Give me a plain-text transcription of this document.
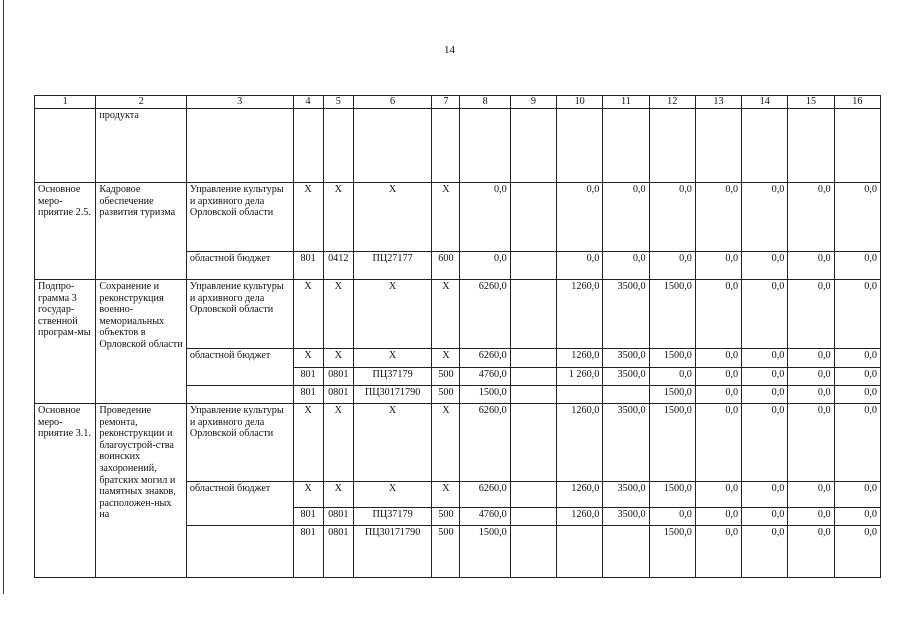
14
1	2	3	4	5	6	7	8	9	10	11	12	13	14	15	16
	продукта														
Основное меро-приятие 2.5.	Кадровое обеспечение развития туризма	Управление культуры и архивного дела Орловской области	Х	Х	Х	Х	0,0		0,0	0,0	0,0	0,0	0,0	0,0	0,0
		областной бюджет	801	0412	ПЦ27177	600	0,0		0,0	0,0	0,0	0,0	0,0	0,0	0,0
Подпро-грамма 3 государ-ственной програм-мы	Сохранение и реконструкция военно-мемориальных объектов в Орловской области	Управление культуры и архивного дела Орловской области	Х	Х	Х	Х	6260,0		1260,0	3500,0	1500,0	0,0	0,0	0,0	0,0
		областной бюджет	Х	Х	Х	Х	6260,0		1260,0	3500,0	1500,0	0,0	0,0	0,0	0,0
			801	0801	ПЦ37179	500	4760,0		1 260,0	3500,0	0,0	0,0	0,0	0,0	0,0
			801	0801	ПЦ30171790	500	1500,0				1500,0	0,0	0,0	0,0	0,0
Основное меро-приятие 3.1.	Проведение ремонта, реконструкции и благоустрой-ства воинских захоронений, братских могил и памятных знаков, расположен-ных на	Управление культуры и архивного дела Орловской области	Х	Х	Х	Х	6260,0		1260,0	3500,0	1500,0	0,0	0,0	0,0	0,0
		областной бюджет	Х	Х	Х	Х	6260,0		1260,0	3500,0	1500,0	0,0	0,0	0,0	0,0
			801	0801	ПЦ37179	500	4760,0		1260,0	3500,0	0,0	0,0	0,0	0,0	0,0
			801	0801	ПЦ30171790	500	1500,0				1500,0	0,0	0,0	0,0	0,0
